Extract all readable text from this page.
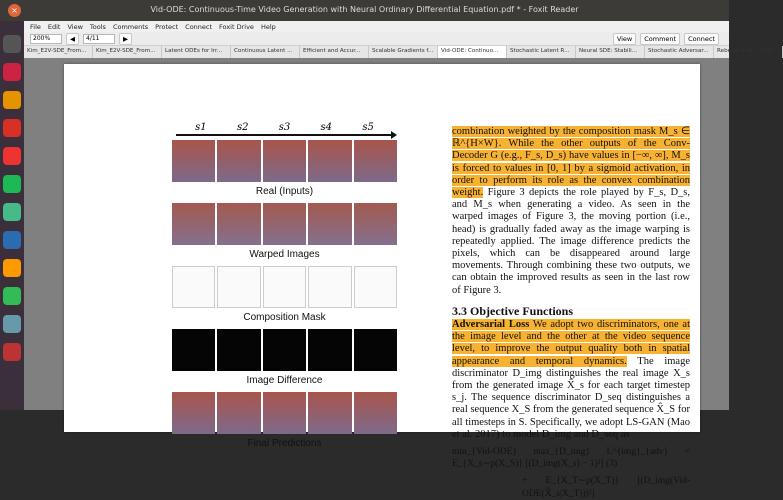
×	Vid-ODE: Continuous-Time Video Generation with Neural Ordinary Differential Equation.pdf * - Foxit Reader
File Edit View Tools Comments Protect Connect Foxit Drive Help
200%	◀	4/11	▶	View	Comment	Connect
Kim_E2V-SDE_From...	Kim_E2V-SDE_From...	Latent ODEs for Irr...	Continuous Latent ...	Efficient and Accur...	Scalable Gradients f...	Vid-ODE: Continuo...	Stochastic Latent R...	Neural SDE: Stabili...	Stochastic Adversar...	Rebecq et al. - 2019...
s1	s2	s3	s4	s5
Real (Inputs)
Warped Images
Composition Mask
Image Difference
Final Predictions
combination weighted by the composition mask M_s ∈ ℝ^{H×W}. While the other outputs of the Conv-Decoder G (e.g., F_s, D_s) have values in [−∞, ∞], M_s is forced to values in [0, 1] by a sigmoid activation, in order to perform its role as the convex combination weight. Figure 3 depicts the role played by F_s, D_s, and M_s when generating a video. As seen in the warped images of Figure 3, the moving portion (i.e., head) is gradually faded away as the image warping is repeatedly applied. The image difference predicts the pixels, which can be disappeared around large movements. Through combining these two outputs, we can obtain the improved results as seen in the last row of Figure 3.
3.3 Objective Functions
Adversarial Loss We adopt two discriminators, one at the image level and the other at the video sequence level, to improve the output quality both in spatial appearance and temporal dynamics. The image discriminator D_img distinguishes the real image X_s from the generated image X̂_s for each target timestep s_j. The sequence discriminator D_seq distinguishes a real sequence X_S from the generated sequence X̂_S for all timesteps in S. Specifically, we adopt LS-GAN (Mao et al. 2017) to model D_img and D_seq as
min_{Vid-ODE} max_{D_img} L^{img}_{adv} = E_{X_s∼p(X_S)} [(D_img(X_s) − 1)²] (3)
+ E_{X_T∼p(X_T)} [(D_img(Vid-ODE(X̂_s|X_T)))²]
